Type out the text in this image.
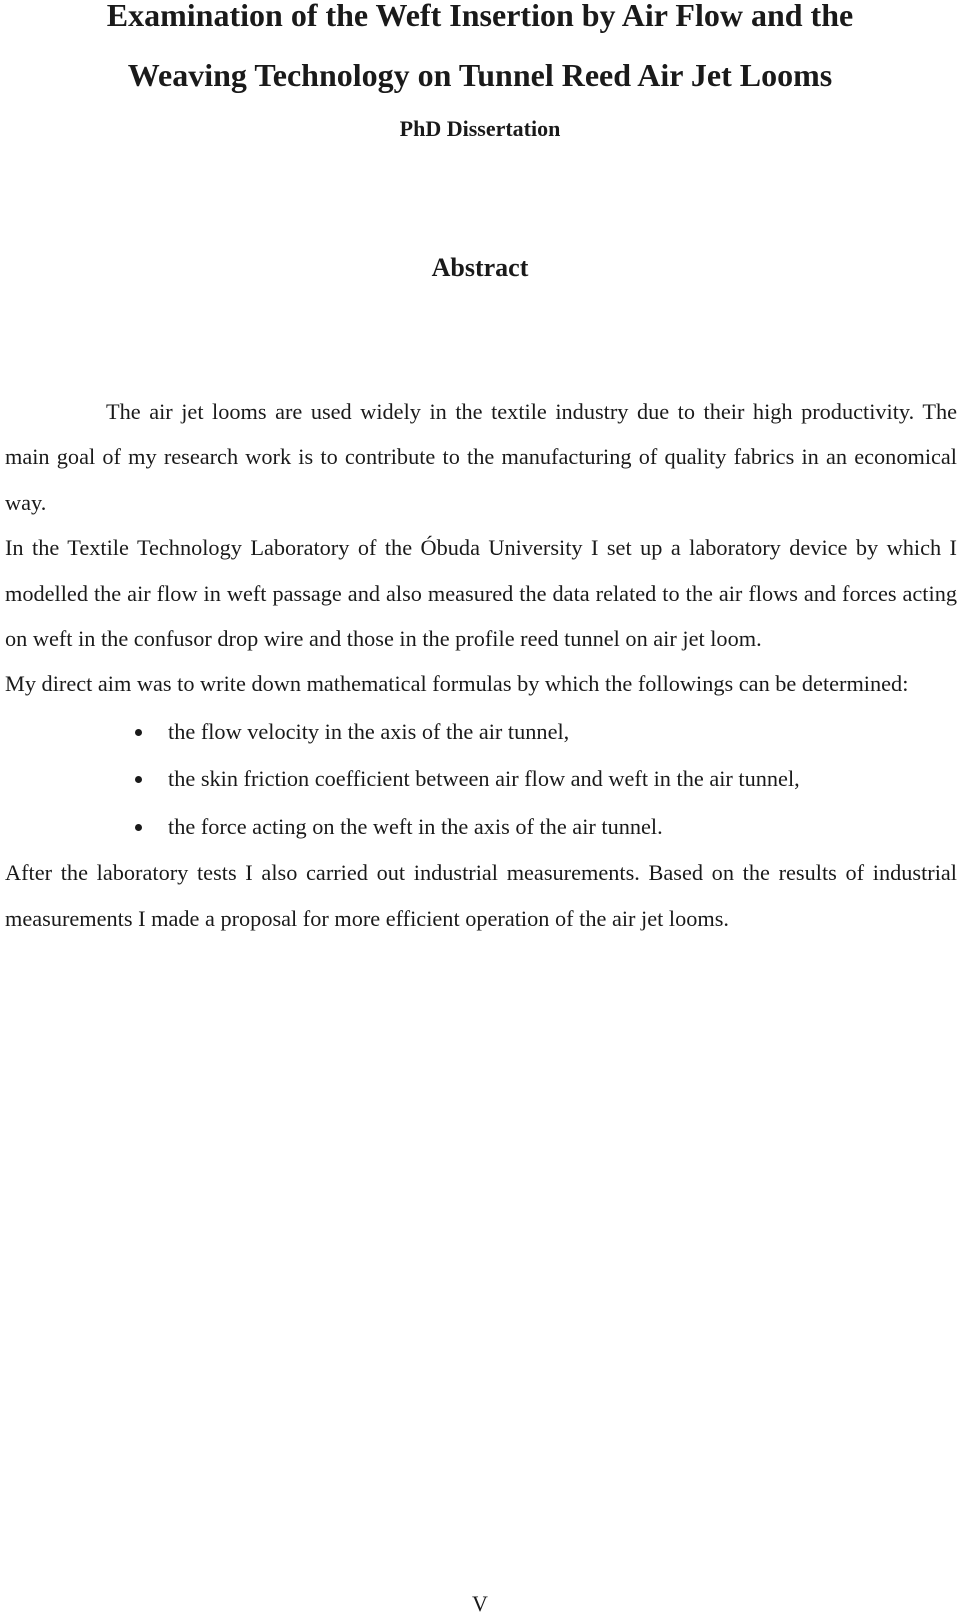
Examination of the Weft Insertion by Air Flow and the
Weaving Technology on Tunnel Reed Air Jet Looms
PhD Dissertation
Abstract

The air jet looms are used widely in the textile industry due to their high productivity. The main goal of my research work is to contribute to the manufacturing of quality fabrics in an economical way.

In the Textile Technology Laboratory of the Óbuda University I set up a laboratory device by which I modelled the air flow in weft passage and also measured the data related to the air flows and forces acting on weft in the confusor drop wire and those in the profile reed tunnel on air jet loom.

My direct aim was to write down mathematical formulas by which the followings can be determined:

the flow velocity in the axis of the air tunnel,
the skin friction coefficient between air flow and weft in the air tunnel,
the force acting on the weft in the axis of the air tunnel.

After the laboratory tests I also carried out industrial measurements. Based on the results of industrial measurements I made a proposal for more efficient operation of the air jet looms.

V
